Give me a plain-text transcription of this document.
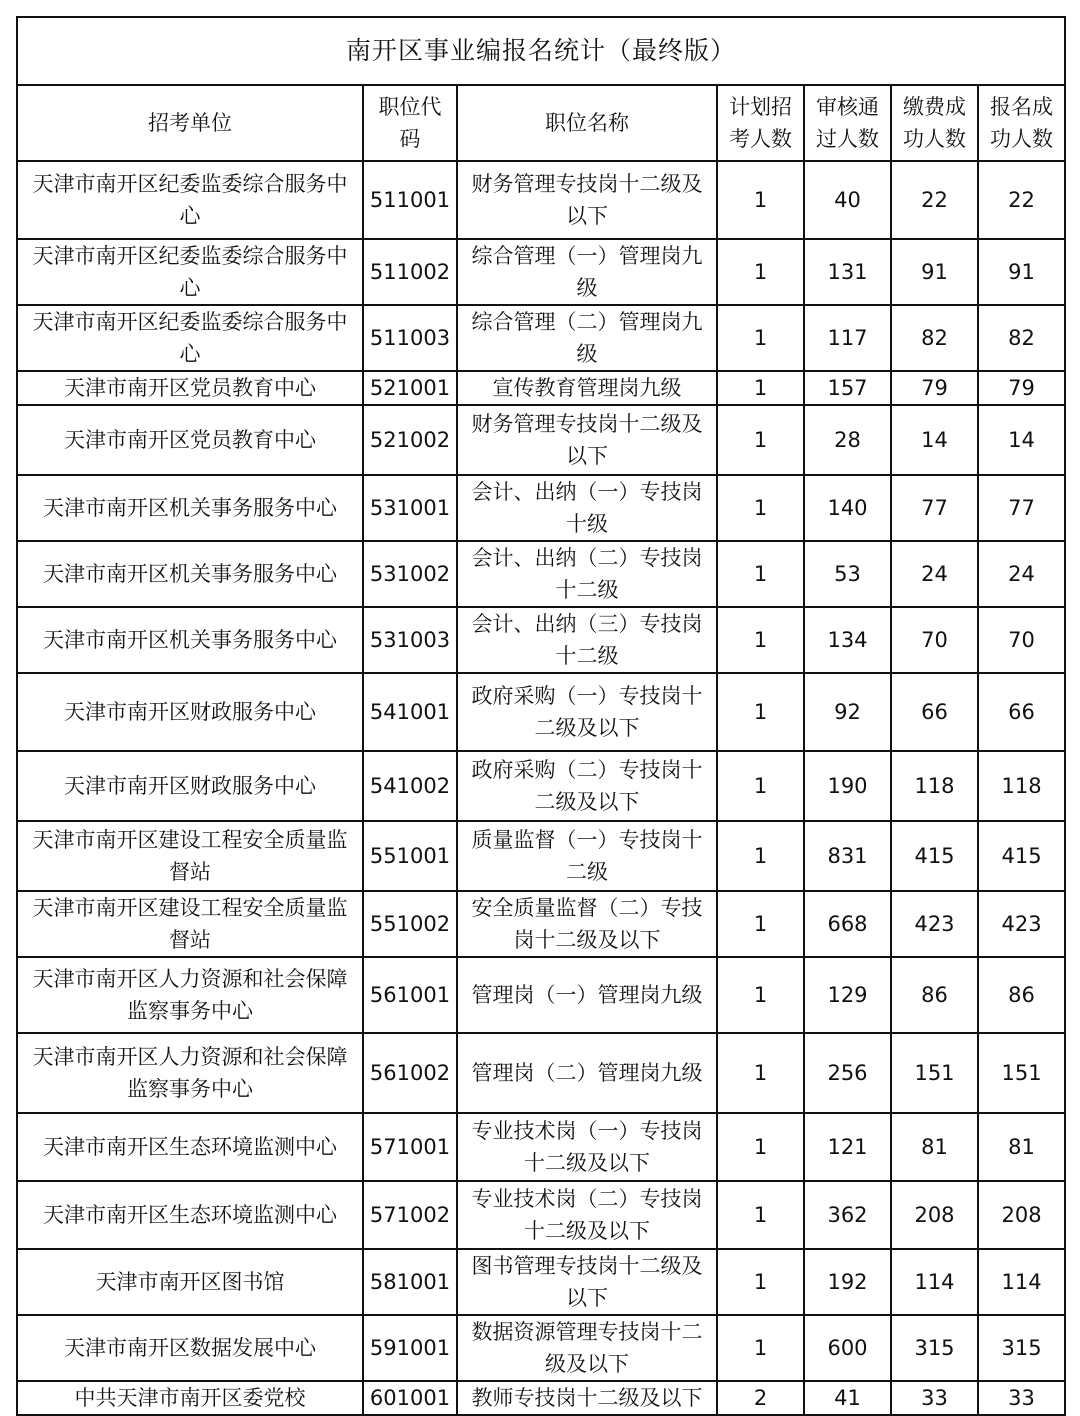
南开区事业编报名统计（最终版）						
招考单位	职位代码	职位名称	计划招考人数	审核通过人数	缴费成功人数	报名成功人数
天津市南开区纪委监委综合服务中心	511001	财务管理专技岗十二级及以下	1	40	22	22
天津市南开区纪委监委综合服务中心	511002	综合管理（一）管理岗九级	1	131	91	91
天津市南开区纪委监委综合服务中心	511003	综合管理（二）管理岗九级	1	117	82	82
天津市南开区党员教育中心	521001	宣传教育管理岗九级	1	157	79	79
天津市南开区党员教育中心	521002	财务管理专技岗十二级及以下	1	28	14	14
天津市南开区机关事务服务中心	531001	会计、出纳（一）专技岗十级	1	140	77	77
天津市南开区机关事务服务中心	531002	会计、出纳（二）专技岗十二级	1	53	24	24
天津市南开区机关事务服务中心	531003	会计、出纳（三）专技岗十二级	1	134	70	70
天津市南开区财政服务中心	541001	政府采购（一）专技岗十二级及以下	1	92	66	66
天津市南开区财政服务中心	541002	政府采购（二）专技岗十二级及以下	1	190	118	118
天津市南开区建设工程安全质量监督站	551001	质量监督（一）专技岗十二级	1	831	415	415
天津市南开区建设工程安全质量监督站	551002	安全质量监督（二）专技岗十二级及以下	1	668	423	423
天津市南开区人力资源和社会保障监察事务中心	561001	管理岗（一）管理岗九级	1	129	86	86
天津市南开区人力资源和社会保障监察事务中心	561002	管理岗（二）管理岗九级	1	256	151	151
天津市南开区生态环境监测中心	571001	专业技术岗（一）专技岗十二级及以下	1	121	81	81
天津市南开区生态环境监测中心	571002	专业技术岗（二）专技岗十二级及以下	1	362	208	208
天津市南开区图书馆	581001	图书管理专技岗十二级及以下	1	192	114	114
天津市南开区数据发展中心	591001	数据资源管理专技岗十二级及以下	1	600	315	315
中共天津市南开区委党校	601001	教师专技岗十二级及以下	2	41	33	33
